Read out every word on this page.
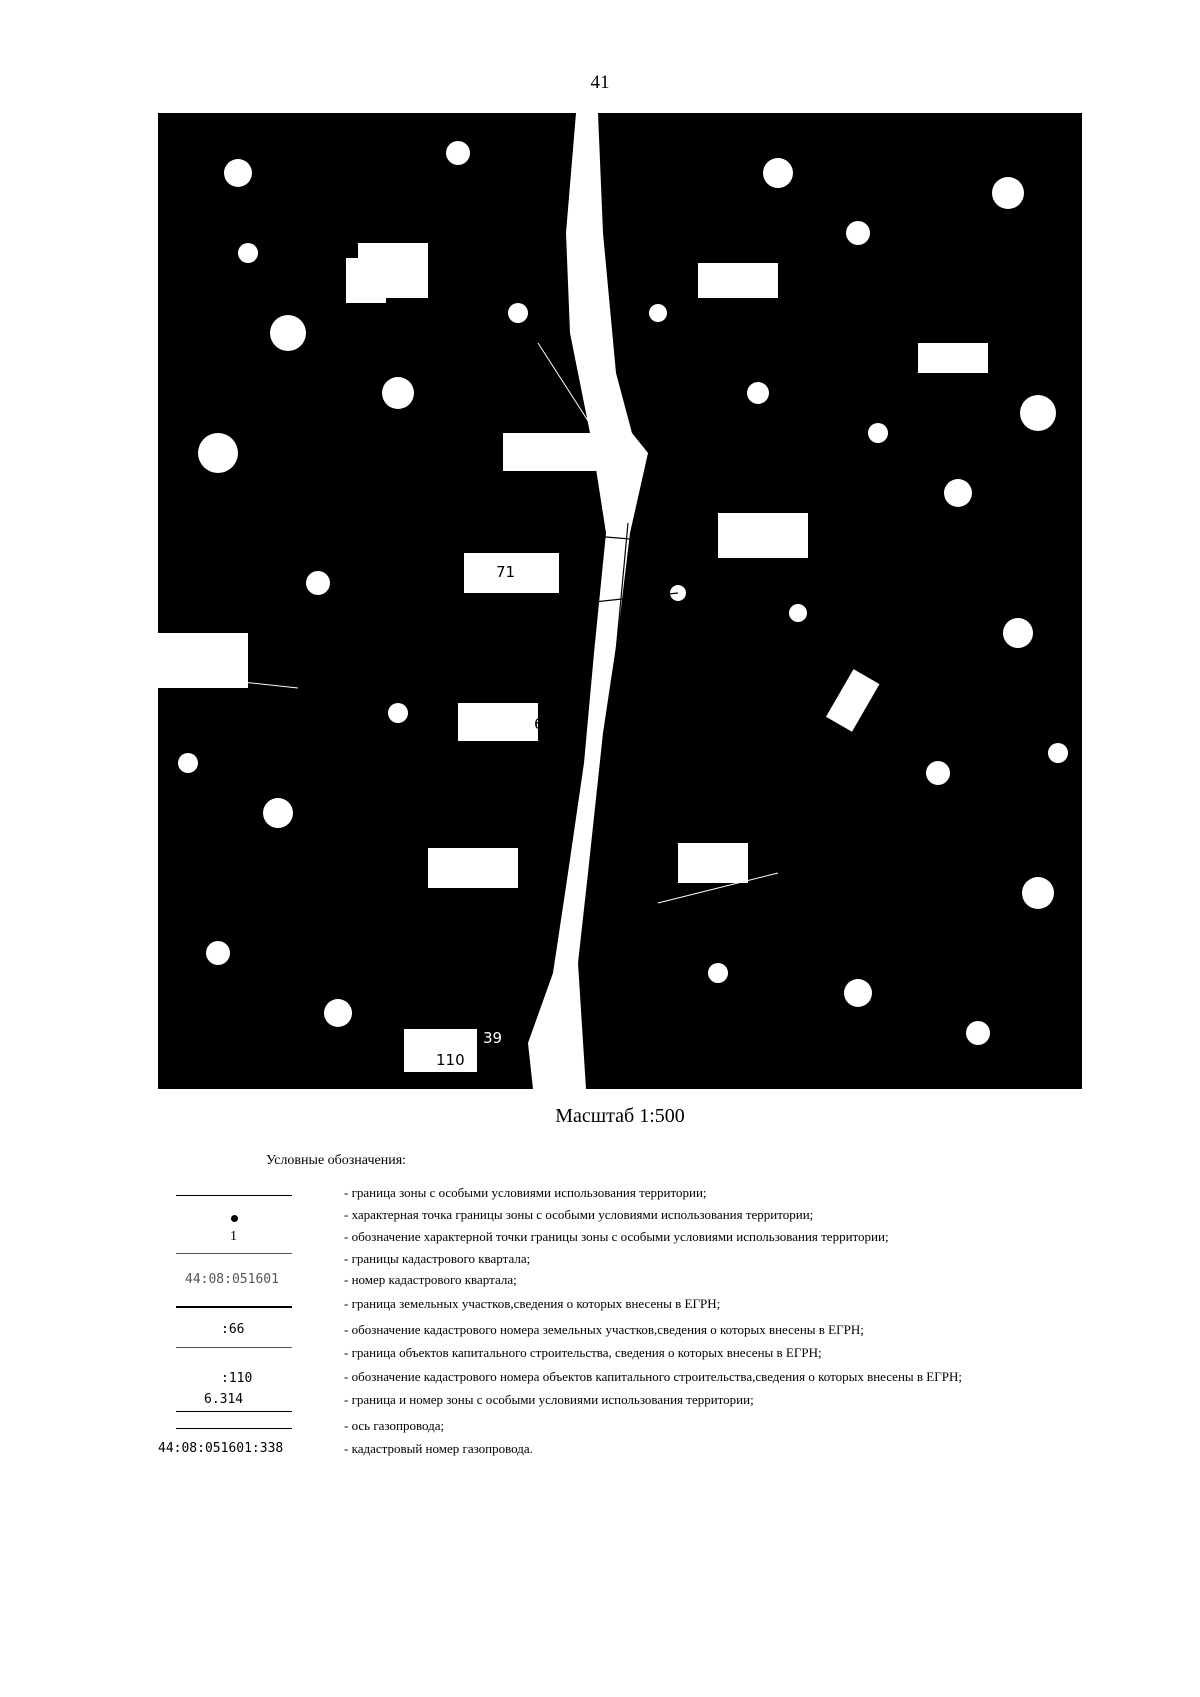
41
71
66
110
39
9
0
5
4
6.3
44:08:051601:338
3
Масштаб 1:500
Условные обозначения:
- граница зоны с особыми условиями использования территории;
- характерная точка границы зоны с особыми условиями использования территории;
1	- обозначение характерной точки границы зоны с особыми условиями использования территории;
- границы кадастрового квартала;
44:08:051601	- номер кадастрового квартала;
- граница земельных участков,сведения о которых внесены в ЕГРН;
:66	- обозначение кадастрового номера земельных участков,сведения о которых внесены в ЕГРН;
- граница объектов капитального строительства, сведения о которых внесены в ЕГРН;
:110	- обозначение кадастрового номера объектов капитального строительства,сведения о которых внесены в ЕГРН;
6.314	- граница и номер зоны с особыми условиями использования территории;
- ось газопровода;
44:08:051601:338	- кадастровый номер газопровода.
